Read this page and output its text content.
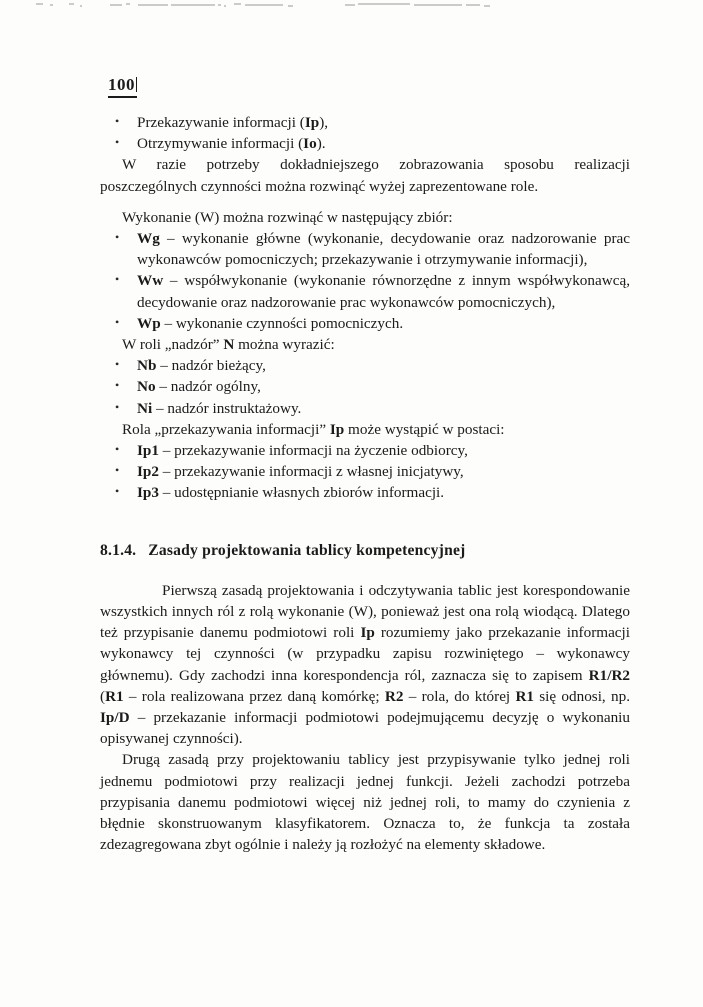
100
• Przekazywanie informacji (Ip),
• Otrzymywanie informacji (Io).

W razie potrzeby dokładniejszego zobrazowania sposobu realizacji poszczególnych czynności można rozwinąć wyżej zaprezentowane role.

Wykonanie (W) można rozwinąć w następujący zbiór:

• Wg – wykonanie główne (wykonanie, decydowanie oraz nadzorowanie prac wykonawców pomocniczych; przekazywanie i otrzymywanie informacji),
• Ww – współwykonanie (wykonanie równorzędne z innym współwykonawcą, decydowanie oraz nadzorowanie prac wykonawców pomocniczych),
• Wp – wykonanie czynności pomocniczych.

W roli „nadzór” N można wyrazić:

• Nb – nadzór bieżący,
• No – nadzór ogólny,
• Ni – nadzór instruktażowy.

Rola „przekazywania informacji” Ip może wystąpić w postaci:

• Ip1 – przekazywanie informacji na życzenie odbiorcy,
• Ip2 – przekazywanie informacji z własnej inicjatywy,
• Ip3 – udostępnianie własnych zbiorów informacji.
8.1.4. Zasady projektowania tablicy kompetencyjnej

Pierwszą zasadą projektowania i odczytywania tablic jest korespondowanie wszystkich innych ról z rolą wykonanie (W), ponieważ jest ona rolą wiodącą. Dlatego też przypisanie danemu podmiotowi roli Ip rozumiemy jako przekazanie informacji wykonawcy tej czynności (w przypadku zapisu rozwiniętego – wykonawcy głównemu). Gdy zachodzi inna korespondencja ról, zaznacza się to zapisem R1/R2 (R1 – rola realizowana przez daną komórkę; R2 – rola, do której R1 się odnosi, np. Ip/D – przekazanie informacji podmiotowi podejmującemu decyzję o wykonaniu opisywanej czynności).

Drugą zasadą przy projektowaniu tablicy jest przypisywanie tylko jednej roli jednemu podmiotowi przy realizacji jednej funkcji. Jeżeli zachodzi potrzeba przypisania danemu podmiotowi więcej niż jednej roli, to mamy do czynienia z błędnie skonstruowanym klasyfikatorem. Oznacza to, że funkcja ta została zdezagregowana zbyt ogólnie i należy ją rozłożyć na elementy składowe.
